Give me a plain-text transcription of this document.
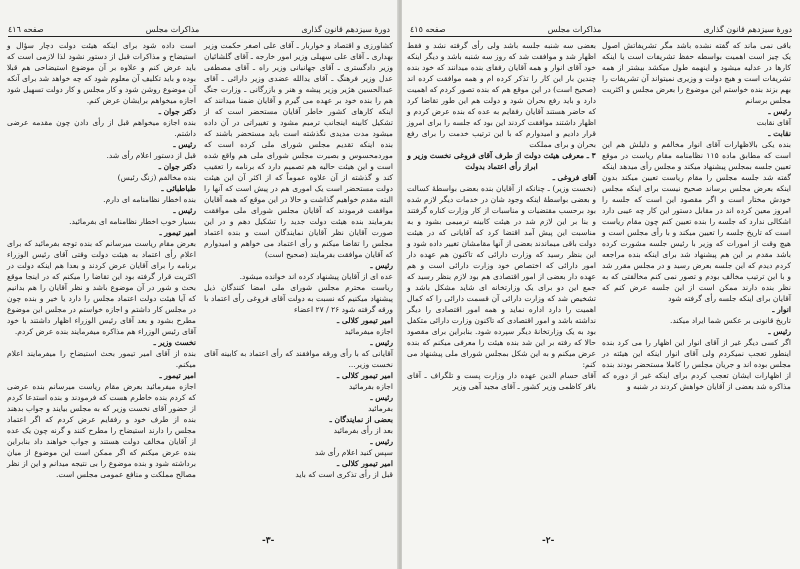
دورهٔ سیزدهم قانون گذاری
مذاکرات مجلس
صفحه ٤١٦

کشاورزی و اقتصاد و خواربار ـ آقای علی اصغر حکمت وزیر بهداری ـ آقای علی سهیلی وزیر امور خارجه ـ آقای گلشائیان وزیر دادگستری ـ آقای جهانبانی وزیر راه ـ آقای مصطفی عدل وزیر فرهنگ ـ آقای یدالله عضدی وزیر دارائی ـ آقای عبدالحسین هژیر وزیر پیشه و هنر و بازرگانی ـ وزارت جنگ هم را بنده خود بر عهده می گیرم و آقایان ضمنا میدانند که اینکه کارهای کشور خاطر آقایان مستحضر است که از تشکیل کابینه اینجانب ترمیم مشود و تغییراتی در آن داده میشود مدت مدیدی نگذشته است باید مستحضر باشند که بنده اینکه تقدیم مجلس شورای ملی کرده است که موردمحسوس و بصیرت مجلس شورای ملی هم واقع شده است و این هیئت حالیه هم تصمیم دارد که برنامه را تعقیب کند و گذشته از آن علاوه عموماً که از اکثر آن این هیئت دولت مستحضر است یک اموری هم در پیش است که آنها را البته مقدم خواهیم گذاشت و حالا در این موقع که همه آقایان موافقت فرمودند که آقایان مجلس شورای ملی موافقت بفرمایند بنده هیئت دولت جدید را تشکیل دهم و در این صورت آقایان نظر آقایان نمایندگان است و بنده اعتماد مجلس را تقاضا میکنم و رأی اعتماد می خواهم و امیدوارم که آقایان موافقت بفرمایند (صحیح است)

رئیس ـ

عده ای از آقایان پیشنهاد کرده اند خوانده میشود.

ریاست محترم مجلس شورای ملی امضا کنندگان ذیل پیشنهاد میکنیم که نسبت به دولت آقای فروغی رأی اعتماد با ورقه گرفته شود ۲۶ / ۲۷ اعضاء

امیر تیمور کلالی ـ

اجازه میفرمائید

رئیس ـ

آقایانی که با رأی ورقه موافقند که رأی اعتماد به کابینه آقای نخست وزیر...

امیر تیمور کلالی ـ

اجازه بفرمائید

رئیس ـ

بفرمائید

بعضی از نمایندگان ـ

بعد از رأی بفرمائید

رئیس ـ

سپس کنید اعلام رأی شد

امیر تیمور کلالی ـ

قبل از رأی تذکری است که باید

است داده شود برای اینکه هیئت دولت دچار سؤال و استیضاح و مذاکرات قبل از دستور نشود لذا لازمی است که باید عرض کنم و علاوه بر آن موضوع استیضاحی هم قبلا بوده و باید تکلیف آن معلوم شود که چه خواهد شد برای آنکه آن موضوع روشن شود و کار مجلس و کار دولت تسهیل شود اجازه میخواهم برایشان عرض کنم.

دکتر جوان ـ

بنده اجازه میخواهم قبل از رأی دادن چون مقدمه عرضی داشتم.

رئیس ـ

قبل از دستور اعلام رأی شد.

دکتر جوان ـ

بنده مخالفم (زنگ رئیس)

طباطبائی ـ

بنده اخطار نظامنامه ای دارم.

رئیس ـ

بسیار خوب اخطار نظامنامه ای بفرمائید.

امیر تیمور ـ

بعرض مقام ریاست میرسانم که بنده توجه بفرمائید که برای اعلام رأی اعتماد به هیئت دولت وقتی آقای رئیس الوزراء برنامه را برای آقایان عرض کردند و بعدا هم اینکه دولت در اکثریت قرار گرفته بود این تقاضا را میکنم که در اینجا موقع بحث و شور در آن موضوع باشد و نظر آقایان را هم بدانیم که آیا هیئت دولت اعتماد مجلس را دارد یا خیر و بنده چون در مجلس کار داشتم و اجازه خواستم در مجلس این موضوع مطرح بشود و بعد آقای رئیس الوزراء اظهار داشتند با خود آقای رئیس الوزراء هم مذاکره میفرمایند بنده عرض کردم.

نخست وزیر ـ

بنده از آقای امیر تیمور بحث استیضاح را میفرمایند اعلام میکنم.

امیر تیمور ـ

اجازه میفرمائید بعرض مقام ریاست میرسانم بنده عرضی که کردم بنده خاطرم هست که فرمودند و بنده استدعا کردم از حضور آقای نخست وزیر که به مجلس بیایند و جواب بدهند بنده از طرف خود و رفقایم عرض کردم که اگر اعتماد مجلس را دارند استیضاح را مطرح کنند و گرنه چون یک عده از آقایان مخالف دولت هستند و جواب خواهند داد بنابراین بنده عرض میکنم که اگر ممکن است این موضوع از میان برداشته شود و بنده موضوع را بی نتیجه میدانم و این از نظر مصالح مملکت و منافع عمومی مجلس است.

-۳-
دورهٔ سیزدهم قانون گذاری
مذاکرات مجلس
صفحه ٤١٥

باقی نمی ماند که گفته نشده باشد مگر تشریفاتش اصول یک چیز است اهمیت بواسطه حفظ تشریفات است یا اینکه کارها در عدلیه میشود و اینهمه طول میکشد بیشتر از همه تشریفات است و هیچ دولت و وزیری نمیتواند آن تشریفات را بهم بزند بنده خواستم این موضوع را بعرض مجلس و اکثریت مجلس برسانم

رئیس ـ

آقای نقابت

نقابت ـ

بنده یکی بالاظهارات آقای انوار مخالفم و دلیلش هم این است که مطابق ماده ۱۱۵ نظامنامه مقام ریاست در موقع تعیین جلسه بمجلس پیشنهاد میکند و مجلس رأی میدهد اینکه گفته شد جلسه مجلس را مقام ریاست تعیین میکند بدون اینکه بعرض مجلس برساند صحیح نیست برای اینکه مجلس خودش مختار است و اگر مقصود این است که جلسه را امروز معین کرده اند در مقابل دستور این کار چه عیبی دارد اشکالی ندارد که جلسه را بنده تعیین کنم چون مقام ریاست است که تاریخ جلسه را تعیین میکند و با رأی مجلس است و هیچ وقت از امورات که وزیر با رئیس جلسه مشورت کرده باشد مقدم بر این هم پیشنهاد شد برای اینکه بنده مراجعه کردم دیدم که این جلسه بعرض رسید و در مجلس مقرر شد و با این ترتیب مخالف بودم و تصور نمی کنم مخالفتی که به نظر بنده دارند ممکن است از این جلسه عرض کنم که آقایان برای اینکه جلسه رأی گرفته شود

انوار ـ

تاریخ قانونی بر عکس شما ایراد میکند.

رئیس ـ

اگر کسی دیگر غیر از آقای انوار این اظهار را می کرد بنده اینطور تعجب نمیکردم ولی آقای انوار اینکه این هیئته در مجلس بوده اند و جریان مجلس را کاملا مستحضر بودند بنده از اظهارات ایشان تعجب کردم برای اینکه غیر از دوره که مذاکره شد بعضی از آقایان خواهش کردند در شنبه و

بعضی سه شنبه جلسه باشد ولی رأی گرفته نشد و فقط اظهار شد و موافقت شد که روز سه شنبه باشد و دیگر اینکه خود آقای انوار و همه آقایان رفقای بنده میدانند که خود بنده چندین بار این کار را تذکر کرده ام و همه موافقت کرده اند (صحیح است) در این موقع هم که بنده تصور کردم که اهمیت دارد و باید رفع بحران شود و دولت هم این طور تقاضا کرد که حاضر هستند آقایان رفقایم به عده که بنده عرض کردم و اظهار داشتند موافقت کردند این بود که جلسه را برای امروز قرار دادیم و امیدوارم که با این ترتیب خدمت را برای رفع بحران و برای مملکت

۳ ـ معرفی هیئت دولت از طرف آقای فروغی نخست وزیر و ابراز رأی اعتماد بدولت

آقای فروغی ـ

(نخست وزیر) ـ چنانکه از آقایان بنده بعضی بواسطهٔ کسالت و بعضی بواسطهٔ اینکه وجود شان در خدمات دیگر لازم شده بود برحسب مقتضیات و مناسبات از کار وزارت کناره گرفتند و بنا بر این لازم شد در هیئت کابینه ترمیمی بشود و به مناسبت این پیش آمد اقتضا کرد که آقایانی که در هیئت دولت باقی میماندند بعضی از آنها مقامشان تغییر داده شود و این بنظر رسید که وزارت دارائی که تاکنون هم عهده دار امور دارائی که اختصاص خود وزارت دارائی است و هم عهده دار بعضی از امور اقتصادی هم بود لازم بنظر رسید که جمع این دو برای یک وزارتخانه ای شاید مشکل باشد و تشخیص شد که وزارت دارائی آن قسمت دارائی را که کمال اهمیت را دارد اداره نماید و همه امور اقتصادی را دیگر نداشته باشد و امور اقتصادی که تاکنون وزارت دارائی متکفل بود به یک وزارتخانهٔ دیگر سپرده شود. بنابراین برای مقصود حالا که رفته بر این شد بنده هیئت را معرفی میکنم که بنده عرض میکنم و به این شکل بمجلس شورای ملی پیشنهاد می کنم:

آقای حسام الدین عهده دار وزارت پست و تلگراف ـ آقای باقر کاظمی وزیر کشور ـ آقای مجید آهی وزیر

-۲-
